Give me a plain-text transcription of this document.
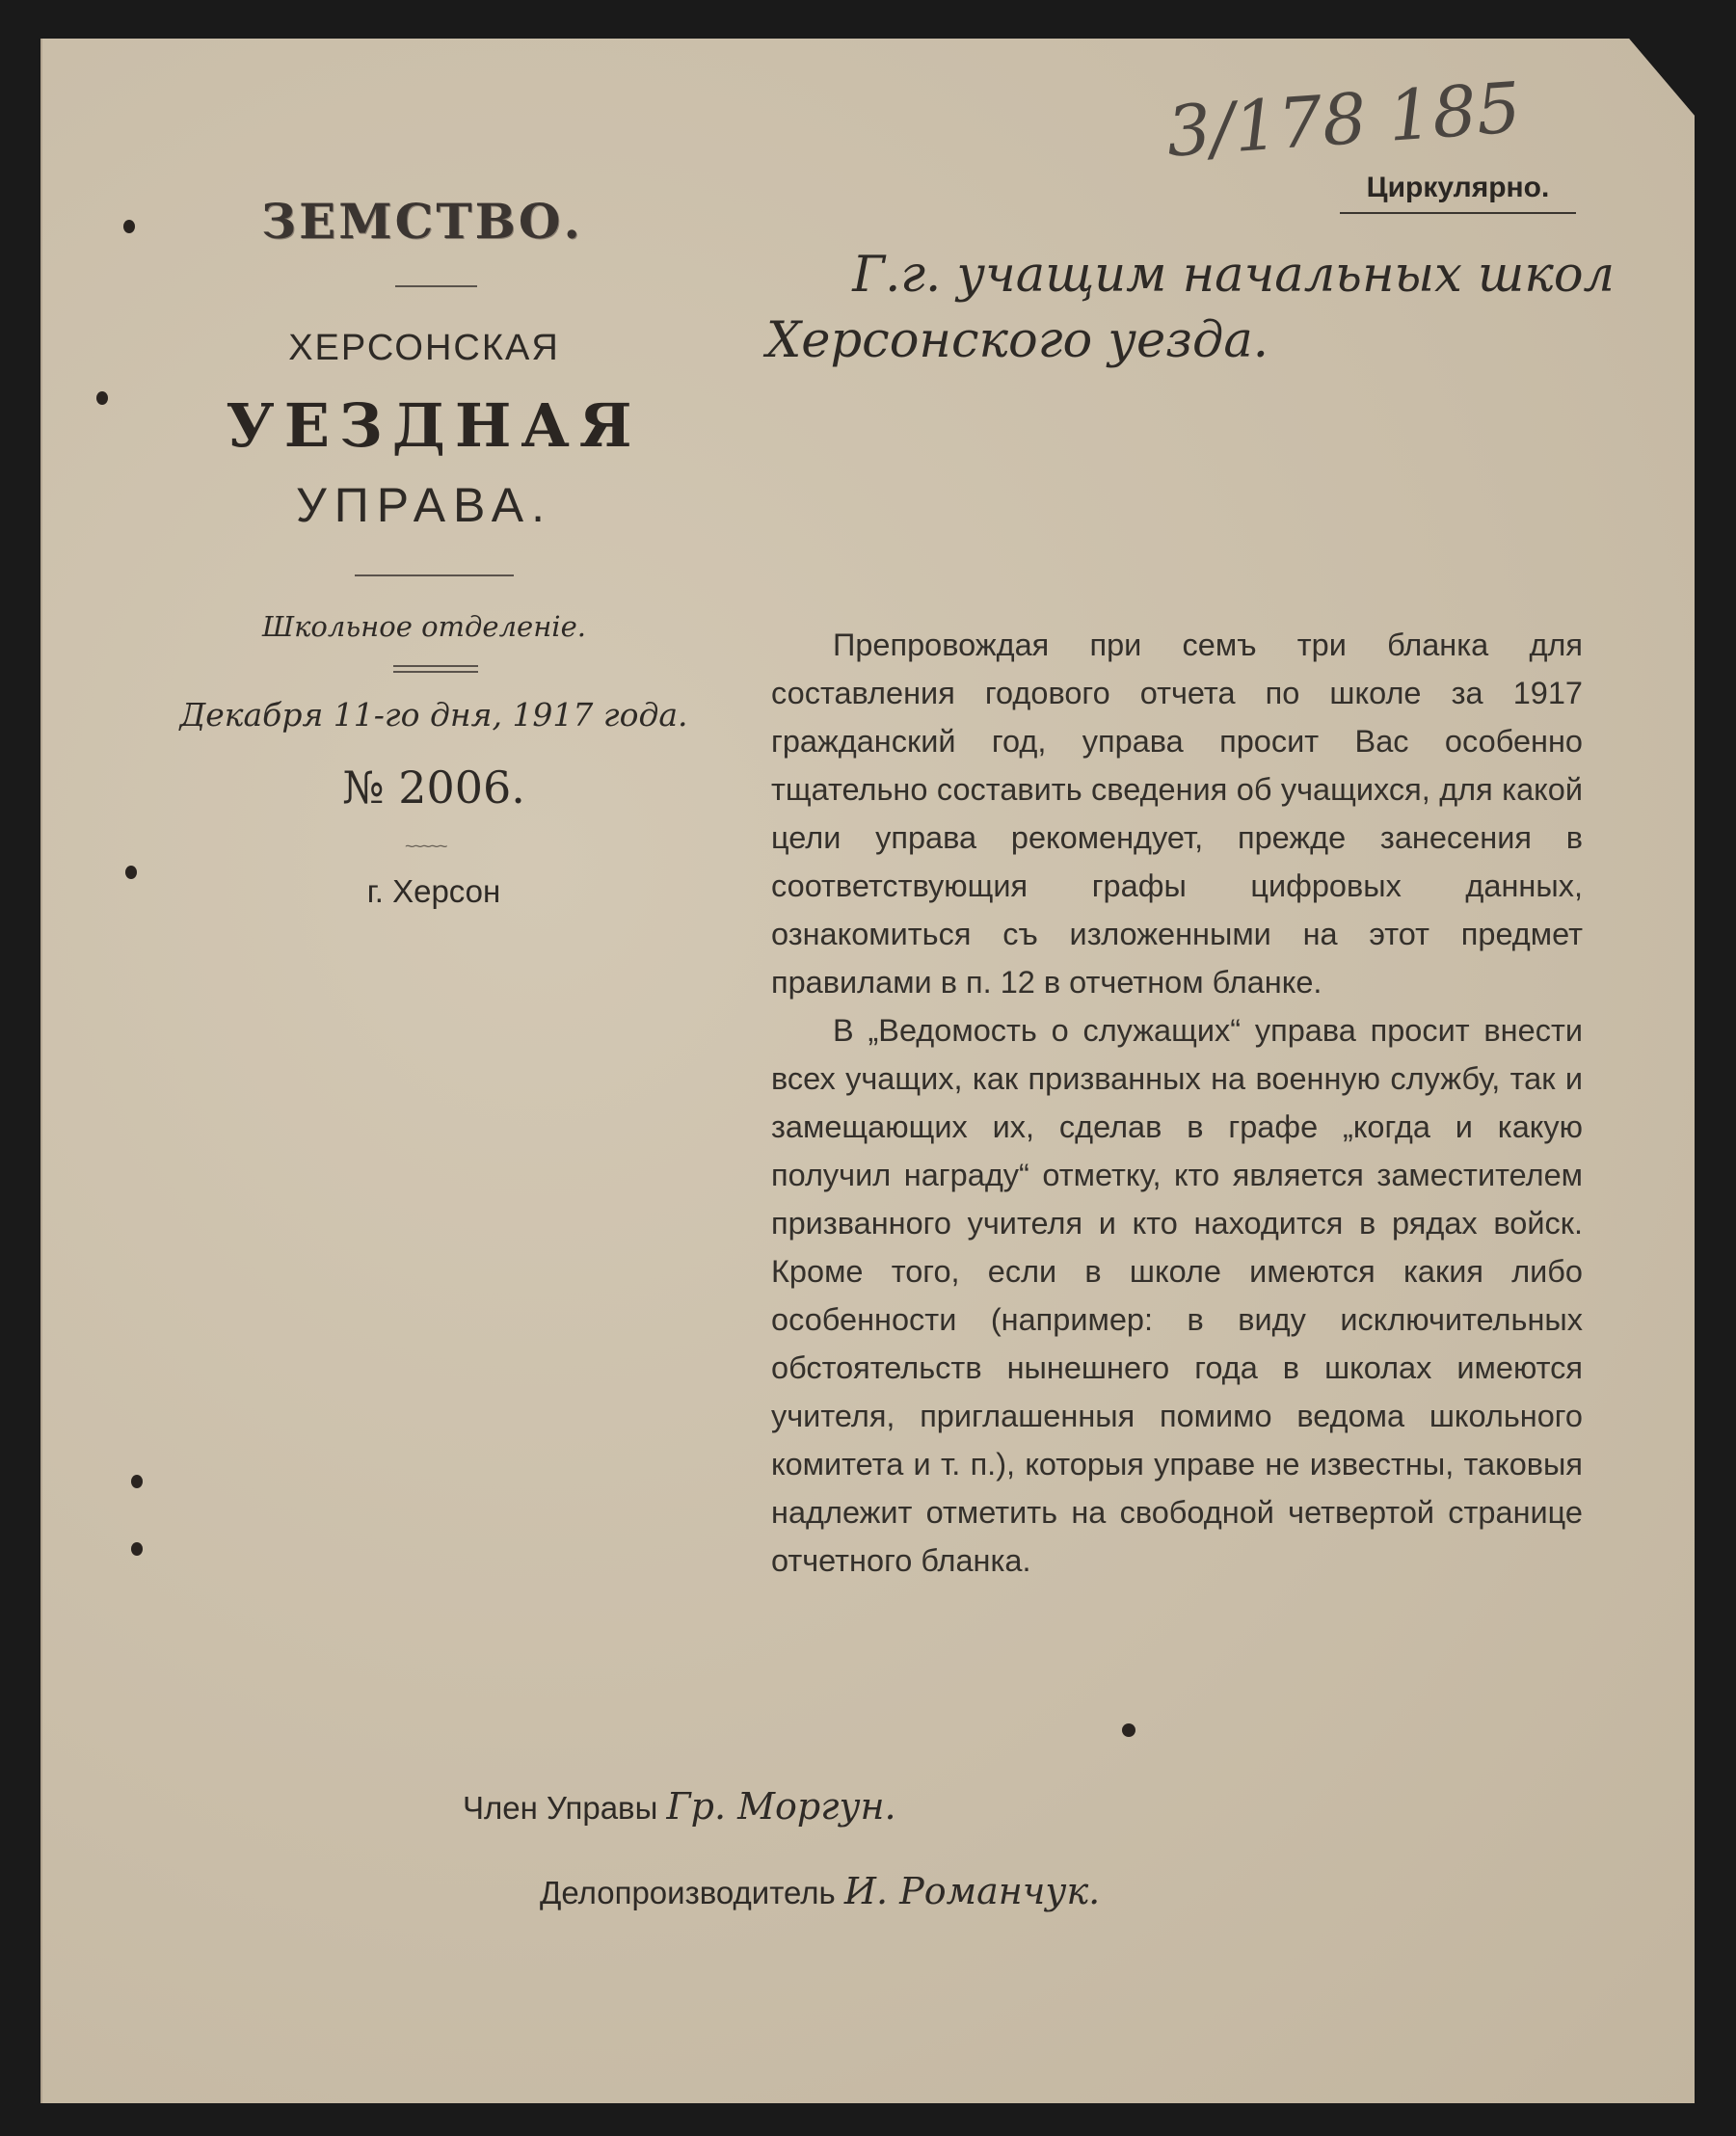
ЗЕМСТВО.
ХЕРСОНСКАЯ
УЕЗДНАЯ
УПРАВА.
Школьное отделенiе.
Декабря 11-го дня, 1917 года.
№ 2006.
~~~~~
г. Херсон
3/178 185
Циркулярно.
Г.г. учащим начальных школ
Херсонского уезда.

Препровождая при семъ три бланка для составления годового отчета по школе за 1917 гражданский год, управа просит Вас особенно тщательно составить сведения об учащихся, для какой цели управа рекомендует, прежде занесения в соответствующия графы цифровых данных, ознакомиться съ изложенными на этот предмет правилами в п. 12 в отчетном бланке.

В „Ведомость о служащих“ управа просит внести всех учащих, как призванных на военную службу, так и замещающих их, сделав в графе „когда и какую получил награду“ отметку, кто является заместителем призванного учителя и кто находится в рядах войск. Кроме того, если в школе имеются какия либо особенности (например: в виду исключительных обстоятельств нынешнего года в школах имеются учителя, приглашенныя помимо ведома школьного комитета и т. п.), которыя управе не известны, таковыя надлежит отметить на свободной четвертой странице отчетного бланка.

Член Управы Гр. Моргун.
Делопроизводитель И. Романчук.
